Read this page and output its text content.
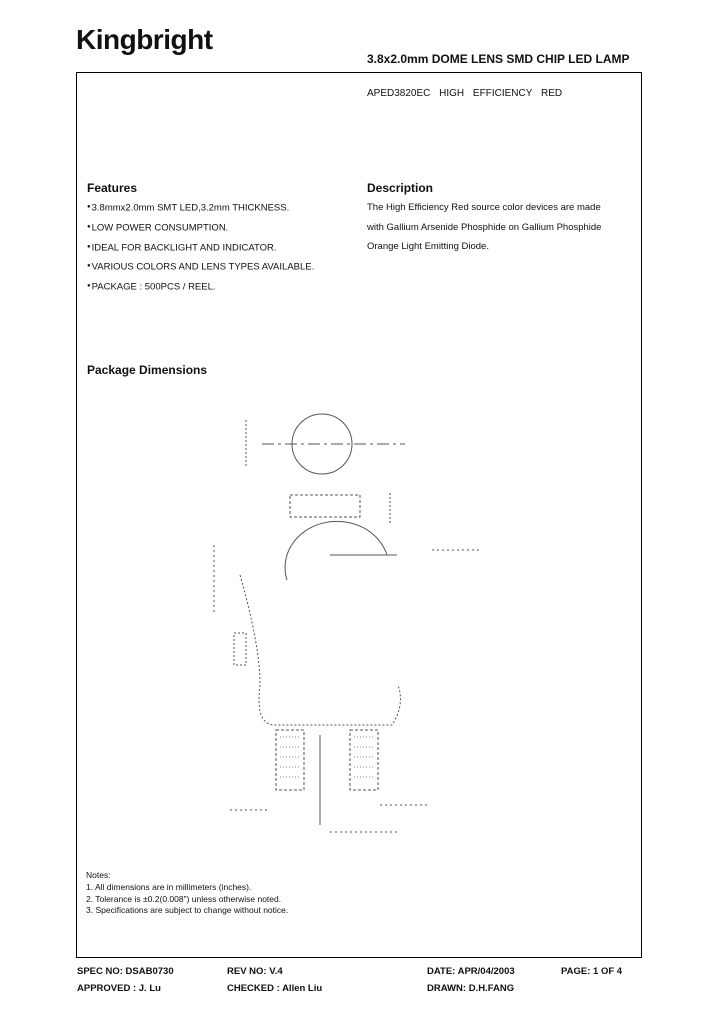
Kingbright
3.8x2.0mm DOME LENS SMD CHIP LED LAMP
APED3820EC HIGH EFFICIENCY RED
Features
● 3.8mmx2.0mm SMT LED,3.2mm THICKNESS.
● LOW POWER CONSUMPTION.
● IDEAL FOR BACKLIGHT AND INDICATOR.
● VARIOUS COLORS AND LENS TYPES AVAILABLE.
● PACKAGE : 500PCS / REEL.
Description
The High Efficiency Red source color devices are made
with Gallium Arsenide Phosphide on Gallium Phosphide
Orange Light Emitting Diode.
Package Dimensions
Notes:
1. All dimensions are in millimeters (inches).
2. Tolerance is ±0.2(0.008") unless otherwise noted.
3. Specifications are subject to change without notice.
SPEC NO: DSAB0730	REV NO: V.4	DATE: APR/04/2003	PAGE: 1 OF 4
APPROVED : J. Lu	CHECKED : Allen Liu	DRAWN: D.H.FANG
